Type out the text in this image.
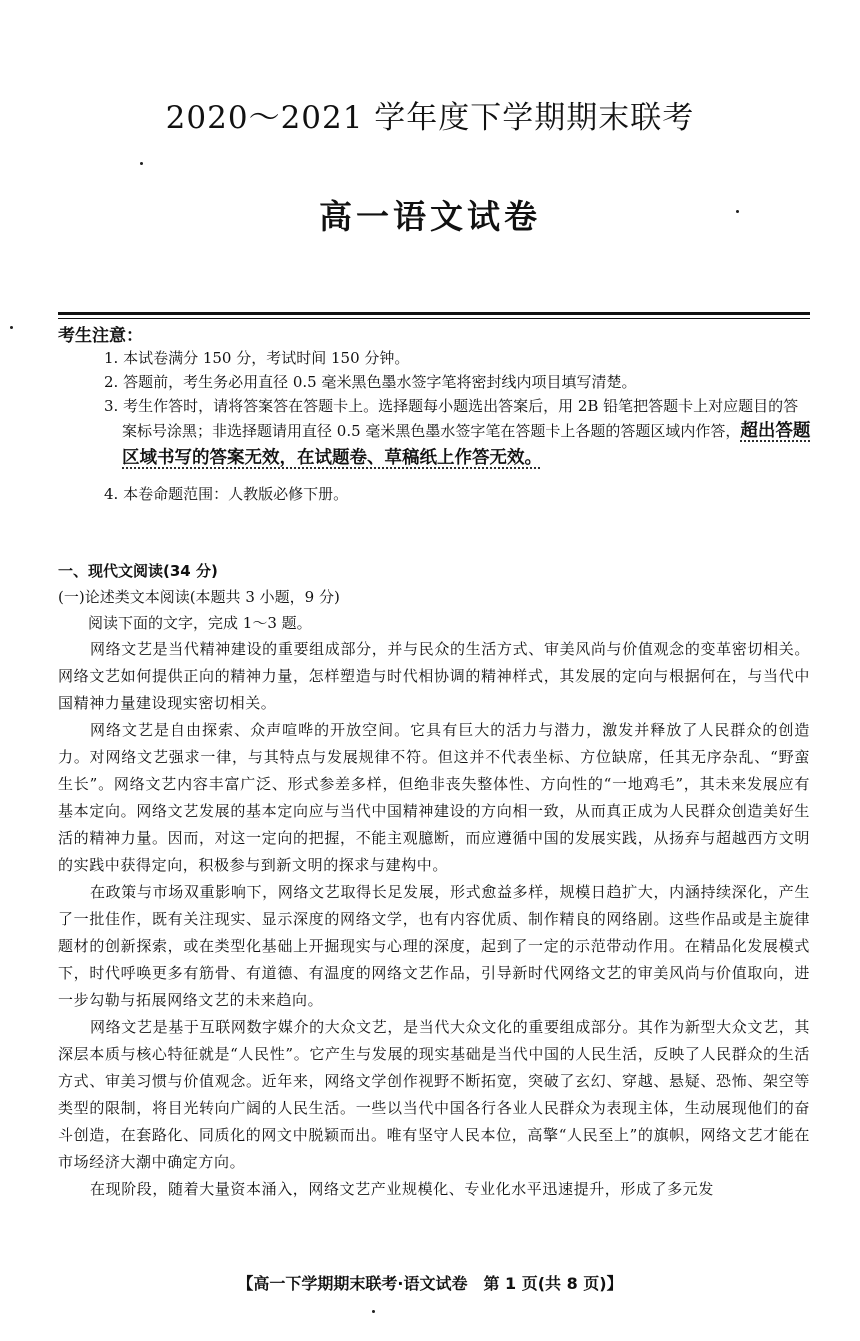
2020～2021 学年度下学期期末联考
高一语文试卷
考生注意：

1. 本试卷满分 150 分，考试时间 150 分钟。

2. 答题前，考生务必用直径 0.5 毫米黑色墨水签字笔将密封线内项目填写清楚。

3. 考生作答时，请将答案答在答题卡上。选择题每小题选出答案后，用 2B 铅笔把答题卡上对应题目的答案标号涂黑；非选择题请用直径 0.5 毫米黑色墨水签字笔在答题卡上各题的答题区域内作答，超出答题区域书写的答案无效，在试题卷、草稿纸上作答无效。

4. 本卷命题范围：人教版必修下册。

一、现代文阅读(34 分)
(一)论述类文本阅读(本题共 3 小题，9 分)
阅读下面的文字，完成 1～3 题。

网络文艺是当代精神建设的重要组成部分，并与民众的生活方式、审美风尚与价值观念的变革密切相关。网络文艺如何提供正向的精神力量，怎样塑造与时代相协调的精神样式，其发展的定向与根据何在，与当代中国精神力量建设现实密切相关。

网络文艺是自由探索、众声喧哗的开放空间。它具有巨大的活力与潜力，激发并释放了人民群众的创造力。对网络文艺强求一律，与其特点与发展规律不符。但这并不代表坐标、方位缺席，任其无序杂乱、“野蛮生长”。网络文艺内容丰富广泛、形式参差多样，但绝非丧失整体性、方向性的“一地鸡毛”，其未来发展应有基本定向。网络文艺发展的基本定向应与当代中国精神建设的方向相一致，从而真正成为人民群众创造美好生活的精神力量。因而，对这一定向的把握，不能主观臆断，而应遵循中国的发展实践，从扬弃与超越西方文明的实践中获得定向，积极参与到新文明的探求与建构中。

在政策与市场双重影响下，网络文艺取得长足发展，形式愈益多样，规模日趋扩大，内涵持续深化，产生了一批佳作，既有关注现实、显示深度的网络文学，也有内容优质、制作精良的网络剧。这些作品或是主旋律题材的创新探索，或在类型化基础上开掘现实与心理的深度，起到了一定的示范带动作用。在精品化发展模式下，时代呼唤更多有筋骨、有道德、有温度的网络文艺作品，引导新时代网络文艺的审美风尚与价值取向，进一步勾勒与拓展网络文艺的未来趋向。

网络文艺是基于互联网数字媒介的大众文艺，是当代大众文化的重要组成部分。其作为新型大众文艺，其深层本质与核心特征就是“人民性”。它产生与发展的现实基础是当代中国的人民生活，反映了人民群众的生活方式、审美习惯与价值观念。近年来，网络文学创作视野不断拓宽，突破了玄幻、穿越、悬疑、恐怖、架空等类型的限制，将目光转向广阔的人民生活。一些以当代中国各行各业人民群众为表现主体，生动展现他们的奋斗创造，在套路化、同质化的网文中脱颖而出。唯有坚守人民本位，高擎“人民至上”的旗帜，网络文艺才能在市场经济大潮中确定方向。

在现阶段，随着大量资本涌入，网络文艺产业规模化、专业化水平迅速提升，形成了多元发

【高一下学期期末联考·语文试卷　第 1 页(共 8 页)】
